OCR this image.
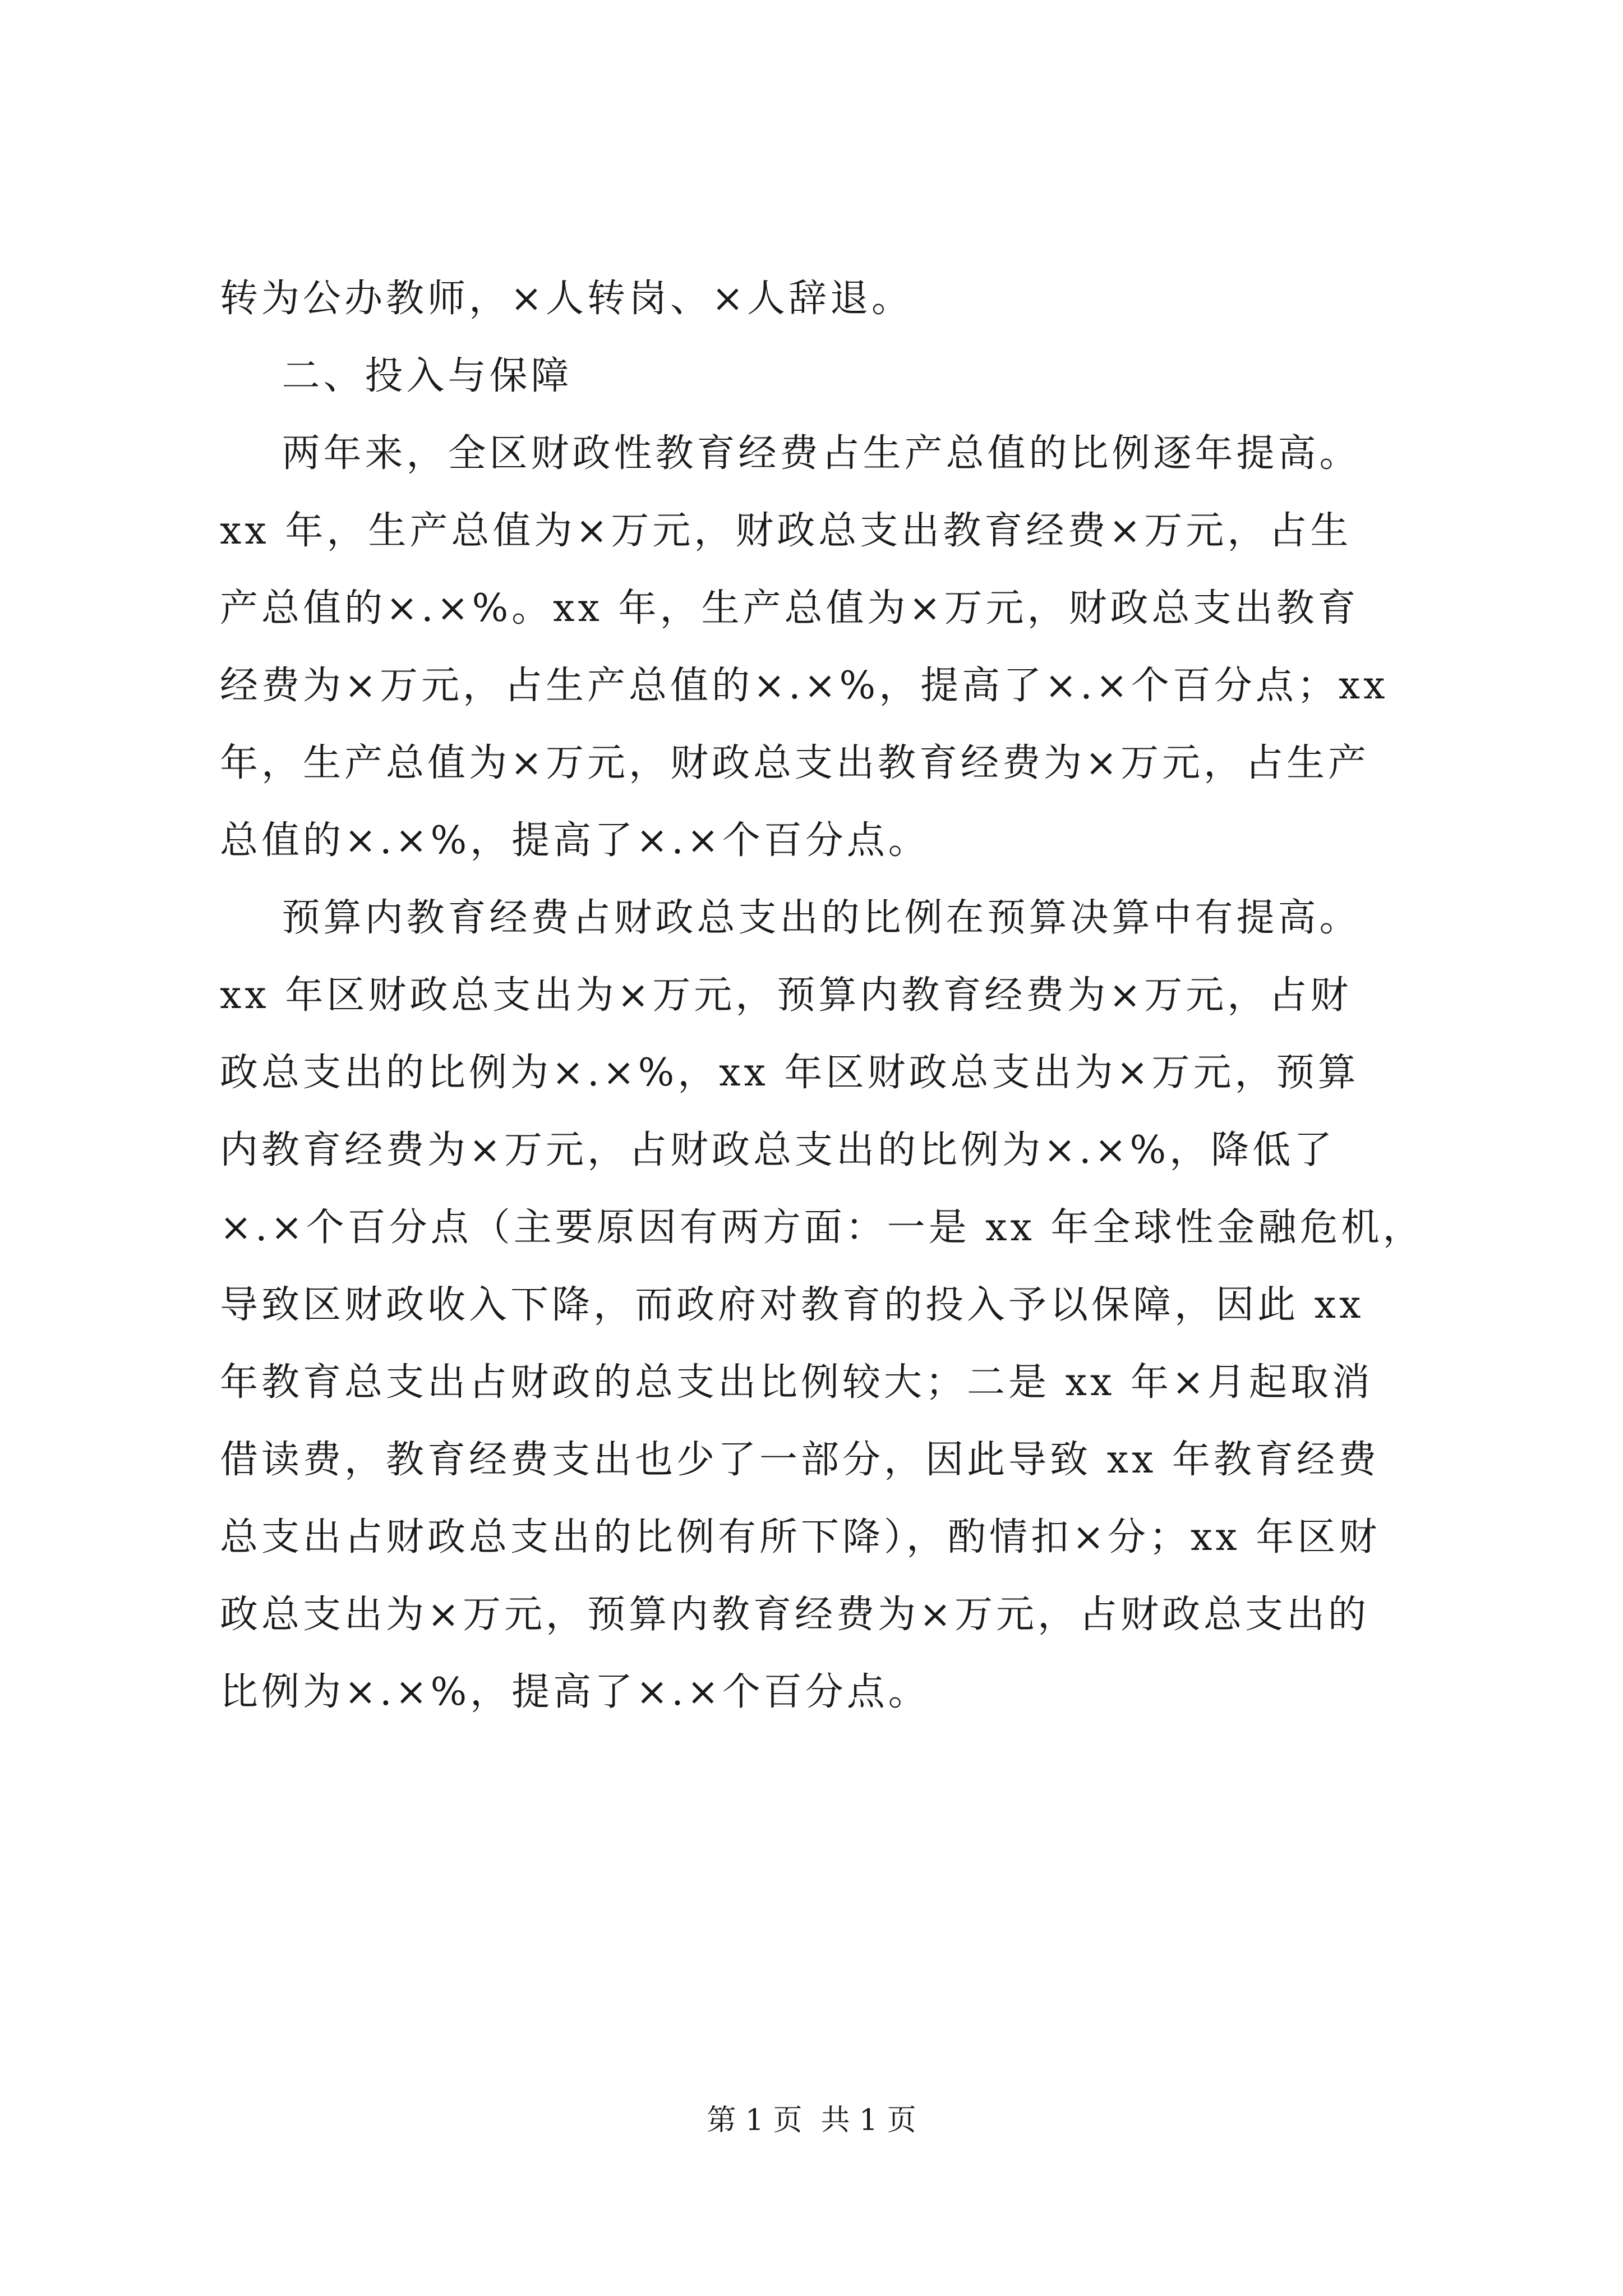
转为公办教师，×人转岗、×人辞退。
二、投入与保障
两年来，全区财政性教育经费占生产总值的比例逐年提高。
xx 年，生产总值为×万元，财政总支出教育经费×万元，占生
产总值的×.×%。xx 年，生产总值为×万元，财政总支出教育
经费为×万元，占生产总值的×.×%，提高了×.×个百分点；xx
年，生产总值为×万元，财政总支出教育经费为×万元，占生产
总值的×.×%，提高了×.×个百分点。
预算内教育经费占财政总支出的比例在预算决算中有提高。
xx 年区财政总支出为×万元，预算内教育经费为×万元，占财
政总支出的比例为×.×%，xx 年区财政总支出为×万元，预算
内教育经费为×万元，占财政总支出的比例为×.×%，降低了
×.×个百分点（主要原因有两方面：一是 xx 年全球性金融危机，
导致区财政收入下降，而政府对教育的投入予以保障，因此 xx
年教育总支出占财政的总支出比例较大；二是 xx 年×月起取消
借读费，教育经费支出也少了一部分，因此导致 xx 年教育经费
总支出占财政总支出的比例有所下降），酌情扣×分；xx 年区财
政总支出为×万元，预算内教育经费为×万元，占财政总支出的
比例为×.×%，提高了×.×个百分点。
第 1 页  共 1 页
